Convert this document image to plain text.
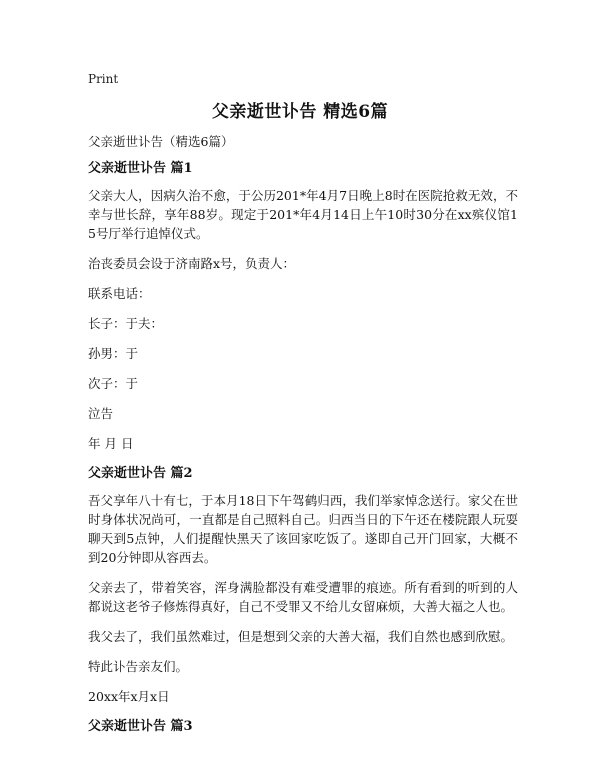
Print
父亲逝世讣告 精选6篇

父亲逝世讣告（精选6篇）

父亲逝世讣告 篇1

父亲大人，因病久治不愈，于公历201*年4月7日晚上8时在医院抢救无效，不幸与世长辞，享年88岁。现定于201*年4月14日上午10时30分在xx殡仪馆15号厅举行追悼仪式。

治丧委员会设于济南路x号，负责人：

联系电话：

长子：于夫：

孙男：于

次子：于

泣告

年 月 日

父亲逝世讣告 篇2

吾父享年八十有七，于本月18日下午驾鹤归西，我们举家悼念送行。家父在世时身体状况尚可，一直都是自己照料自己。归西当日的下午还在楼院跟人玩耍聊天到5点钟，人们提醒快黑天了该回家吃饭了。遂即自己开门回家，大概不到20分钟即从容西去。

父亲去了，带着笑容，浑身满脸都没有难受遭罪的痕迹。所有看到的听到的人都说这老爷子修炼得真好，自己不受罪又不给儿女留麻烦，大善大福之人也。

我父去了，我们虽然难过，但是想到父亲的大善大福，我们自然也感到欣慰。

特此讣告亲友们。

20xx年x月x日

父亲逝世讣告 篇3
